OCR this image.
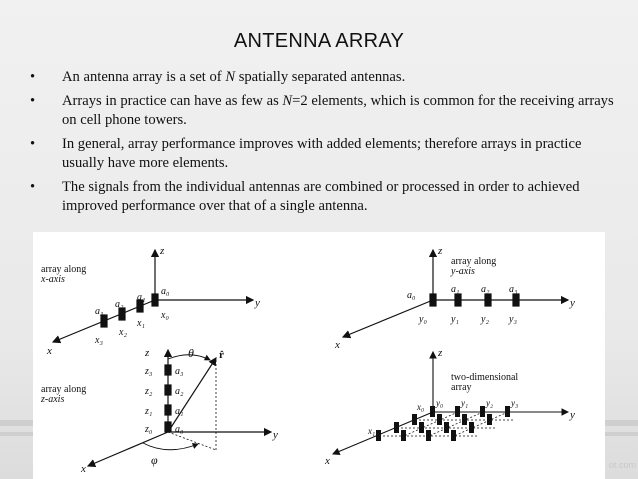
ANTENNA ARRAY
• An antenna array is a set of N spatially separated antennas.
• Arrays in practice can have as few as N=2 elements, which is common for the receiving arrays on cell phone towers.
• In general, array performance improves with added elements; therefore arrays in practice usually have more elements.
• The signals from the individual antennas are combined or processed in order to achieved improved performance over that of a single antenna.
array along
x-axis
z
y
x
a₀
a₁
a₂
a₃	x₀
x₁
x₂
x₃
array along
y-axis
z
y
x
a₀
a₁ a₂ a₃
y₀ y₁ y₂ y₃
array along
z-axis
z
y
x
a₀
a₁
a₂
a₃
z₀
z₁
z₂
z₃
θ r̂
φ
two-dimensional
array
z
y
x
x₀
x₁
y₀ y₁ y₂ y₃
ot.com
